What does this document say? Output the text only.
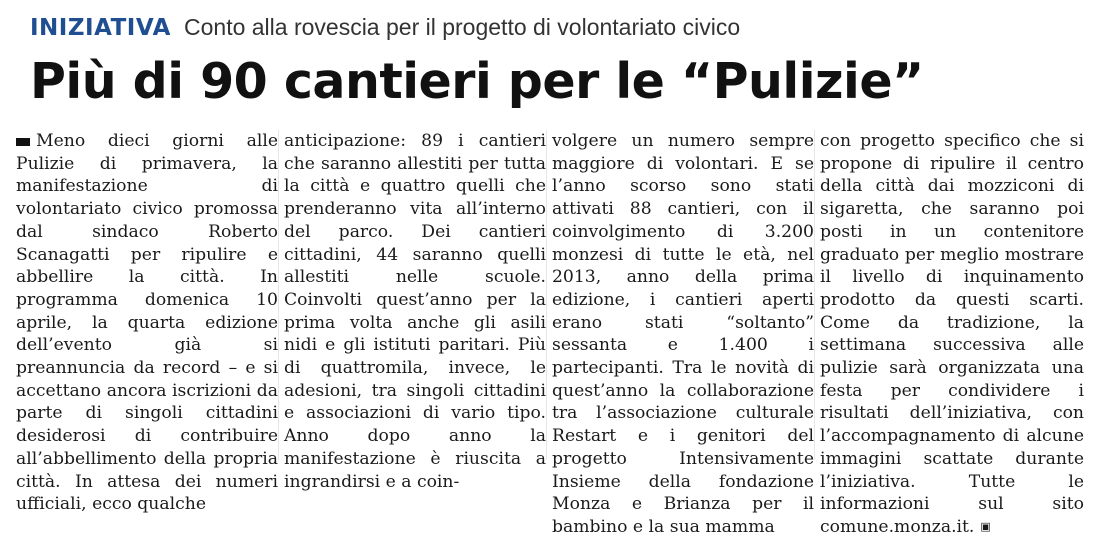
INIZIATIVA Conto alla rovescia per il progetto di volontariato civico
Più di 90 cantieri per le “Pulizie”

Meno dieci giorni alle Pulizie di primavera, la manifestazione di volontariato civico promossa dal sindaco Roberto Scanagatti per ripulire e abbellire la città. In programma domenica 10 aprile, la quarta edizione dell’evento già si preannuncia da record – e si accettano ancora iscrizioni da parte di singoli cittadini desiderosi di contribuire all’abbellimento della propria città. In attesa dei numeri ufficiali, ecco qualche

anticipazione: 89 i cantieri che saranno allestiti per tutta la città e quattro quelli che prenderanno vita all’interno del parco. Dei cantieri cittadini, 44 saranno quelli allestiti nelle scuole. Coinvolti quest’anno per la prima volta anche gli asili nidi e gli istituti paritari. Più di quattromila, invece, le adesioni, tra singoli cittadini e associazioni di vario tipo. Anno dopo anno la manifestazione è riuscita a ingrandirsi e a coin-

volgere un numero sempre maggiore di volontari. E se l’anno scorso sono stati attivati 88 cantieri, con il coinvolgimento di 3.200 monzesi di tutte le età, nel 2013, anno della prima edizione, i cantieri aperti erano stati “soltanto” sessanta e 1.400 i partecipanti. Tra le novità di quest’anno la collaborazione tra l’associazione culturale Restart e i genitori del progetto Intensivamente Insieme della fondazione Monza e Brianza per il bambino e la sua mamma

con progetto specifico che si propone di ripulire il centro della città dai mozziconi di sigaretta, che saranno poi posti in un contenitore graduato per meglio mostrare il livello di inquinamento prodotto da questi scarti. Come da tradizione, la settimana successiva alle pulizie sarà organizzata una festa per condividere i risultati dell’iniziativa, con l’accompagnamento di alcune immagini scattate durante l’iniziativa. Tutte le informazioni sul sito comune.monza.it. ▣
